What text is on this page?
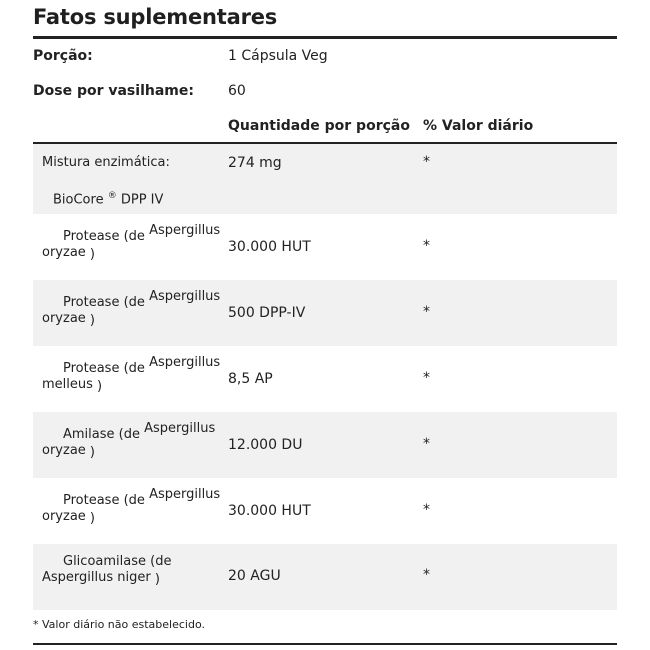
Fatos suplementares
Porção:	1 Cápsula Veg
Dose por vasilhame: 60
Quantidade por porção % Valor diário
Mistura enzimática:	274 mg	*
BioCore ® DPP IV
Protease (de Aspergillus
oryzae )	30.000 HUT	*
Protease (de Aspergillus
oryzae )	500 DPP-IV	*
Protease (de Aspergillus
melleus )	8,5 AP	*
Amilase (de Aspergillus
oryzae )	12.000 DU	*
Protease (de Aspergillus
oryzae )	30.000 HUT	*
Glicoamilase (de
Aspergillus niger )	20 AGU	*
* Valor diário não estabelecido.
